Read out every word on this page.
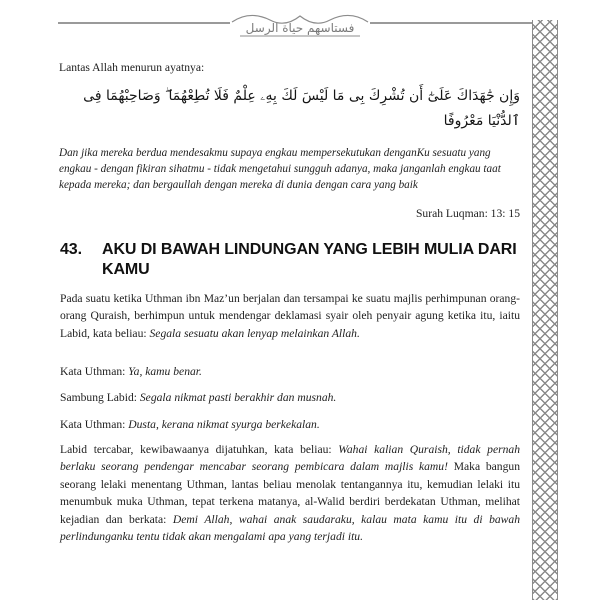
فستاسهم حياة الرسل
Lantas Allah menurun ayatnya:
وَإِن جَٰهَدَاكَ عَلَىٰٓ أَن تُشْرِكَ بِى مَا لَيْسَ لَكَ بِهِۦ عِلْمٌ فَلَا تُطِعْهُمَا ۖ وَصَاحِبْهُمَا فِى ٱلدُّنْيَا مَعْرُوفًا
Dan jika mereka berdua mendesakmu supaya engkau mempersekutukan denganKu sesuatu yang engkau - dengan fikiran sihatmu - tidak mengetahui sungguh adanya, maka janganlah engkau taat kepada mereka; dan bergaullah dengan mereka di dunia dengan cara yang baik
Surah Luqman: 13: 15
43. AKU DI BAWAH LINDUNGAN YANG LEBIH MULIA DARI
KAMU
Pada suatu ketika Uthman ibn Maz’un berjalan dan tersampai ke suatu majlis perhimpunan orang-orang Quraish, berhimpun untuk mendengar deklamasi syair oleh penyair agung ketika itu, iaitu Labid, kata beliau: Segala sesuatu akan lenyap melainkan Allah.
Kata Uthman: Ya, kamu benar.
Sambung Labid: Segala nikmat pasti berakhir dan musnah.
Kata Uthman: Dusta, kerana nikmat syurga berkekalan.
Labid tercabar, kewibawaanya dijatuhkan, kata beliau: Wahai kalian Quraish, tidak pernah berlaku seorang pendengar mencabar seorang pembicara dalam majlis kamu! Maka bangun seorang lelaki menentang Uthman, lantas beliau menolak tentangannya itu, kemudian lelaki itu menumbuk muka Uthman, tepat terkena matanya, al-Walid berdiri berdekatan Uthman, melihat kejadian dan berkata: Demi Allah, wahai anak saudaraku, kalau mata kamu itu di bawah perlindunganku tentu tidak akan mengalami apa yang terjadi itu.
